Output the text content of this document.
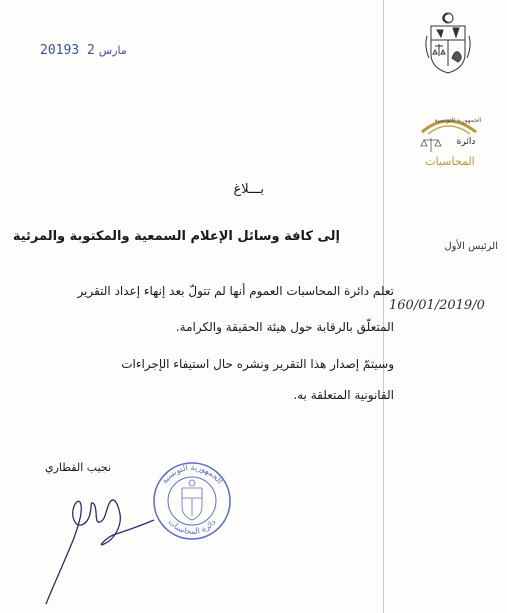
2019 مارس2 3
الجمهورية التونسية
دائرة
المحاسبات
بـــلاغ
إلى كافة وسائل الإعلام السمعية والمكتوبة والمرئية
الرئيس الأول
160/01/2019/0
تعلم دائرة المحاسبات العموم أنها لم تتولّ بعد إنهاء إعداد التقرير
المتعلّق بالرقابة حول هيئة الحقيقة والكرامة.
وسيتمّ إصدار هذا التقرير ونشره حال استيفاء الإجراءات
القانونية المتعلقة به.
نجيب القطاري
الجمهورية التونسية
دائرة المحاسبات
